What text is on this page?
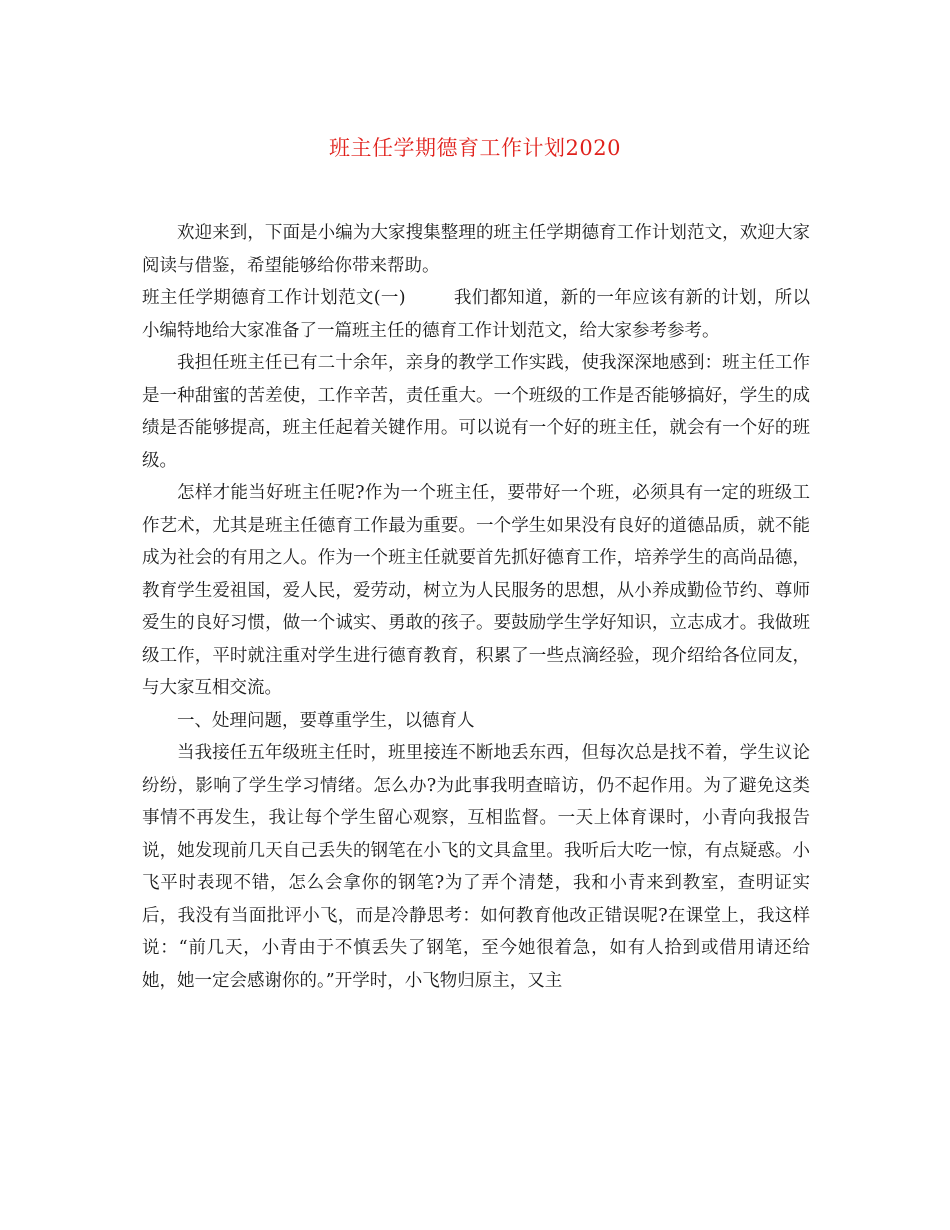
班主任学期德育工作计划2020

欢迎来到，下面是小编为大家搜集整理的班主任学期德育工作计划范文，欢迎大家阅读与借鉴，希望能够给你带来帮助。

班主任学期德育工作计划范文(一)	我们都知道，新的一年应该有新的计划，所以小编特地给大家准备了一篇班主任的德育工作计划范文，给大家参考参考。

我担任班主任已有二十余年，亲身的教学工作实践，使我深深地感到：班主任工作是一种甜蜜的苦差使，工作辛苦，责任重大。一个班级的工作是否能够搞好，学生的成绩是否能够提高，班主任起着关键作用。可以说有一个好的班主任，就会有一个好的班级。

怎样才能当好班主任呢?作为一个班主任，要带好一个班，必须具有一定的班级工作艺术，尤其是班主任德育工作最为重要。一个学生如果没有良好的道德品质，就不能成为社会的有用之人。作为一个班主任就要首先抓好德育工作，培养学生的高尚品德，教育学生爱祖国，爱人民，爱劳动，树立为人民服务的思想，从小养成勤俭节约、尊师爱生的良好习惯，做一个诚实、勇敢的孩子。要鼓励学生学好知识，立志成才。我做班级工作，平时就注重对学生进行德育教育，积累了一些点滴经验，现介绍给各位同友，与大家互相交流。

一、处理问题，要尊重学生，以德育人

当我接任五年级班主任时，班里接连不断地丢东西，但每次总是找不着，学生议论纷纷，影响了学生学习情绪。怎么办?为此事我明查暗访，仍不起作用。为了避免这类事情不再发生，我让每个学生留心观察，互相监督。一天上体育课时，小青向我报告说，她发现前几天自己丢失的钢笔在小飞的文具盒里。我听后大吃一惊，有点疑惑。小飞平时表现不错，怎么会拿你的钢笔?为了弄个清楚，我和小青来到教室，查明证实后，我没有当面批评小飞，而是冷静思考：如何教育他改正错误呢?在课堂上，我这样说：“前几天，小青由于不慎丢失了钢笔，至今她很着急，如有人拾到或借用请还给她，她一定会感谢你的。”开学时，小飞物归原主，又主
